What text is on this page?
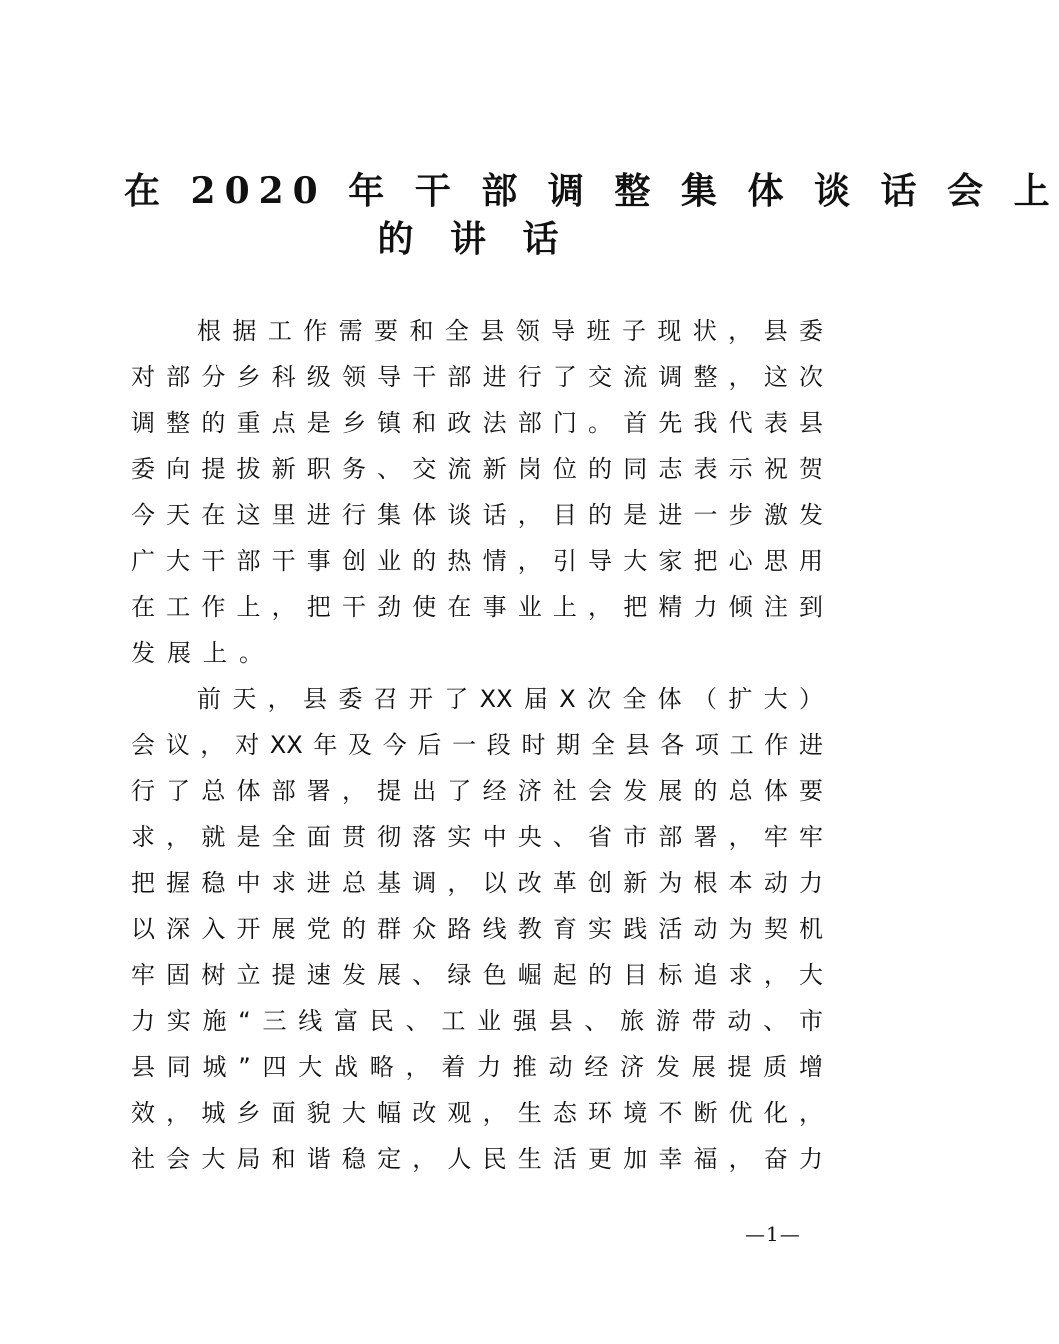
在 2020 年 干 部 调 整 集 体 谈 话 会 上
的 讲 话
根据工作需要和全县领导班子现状，县委
对部分乡科级领导干部进行了交流调整，这次
调整的重点是乡镇和政法部门。首先我代表县
委向提拔新职务、交流新岗位的同志表示祝贺
今天在这里进行集体谈话，目的是进一步激发
广大干部干事创业的热情，引导大家把心思用
在工作上，把干劲使在事业上，把精力倾注到
发展上。
前天，县委召开了XX届X次全体（扩大）
会议，对XX年及今后一段时期全县各项工作进
行了总体部署，提出了经济社会发展的总体要
求，就是全面贯彻落实中央、省市部署，牢牢
把握稳中求进总基调，以改革创新为根本动力
以深入开展党的群众路线教育实践活动为契机
牢固树立提速发展、绿色崛起的目标追求，大
力实施“三线富民、工业强县、旅游带动、市
县同城”四大战略，着力推动经济发展提质增
效，城乡面貌大幅改观，生态环境不断优化，
社会大局和谐稳定，人民生活更加幸福，奋力
—1—
